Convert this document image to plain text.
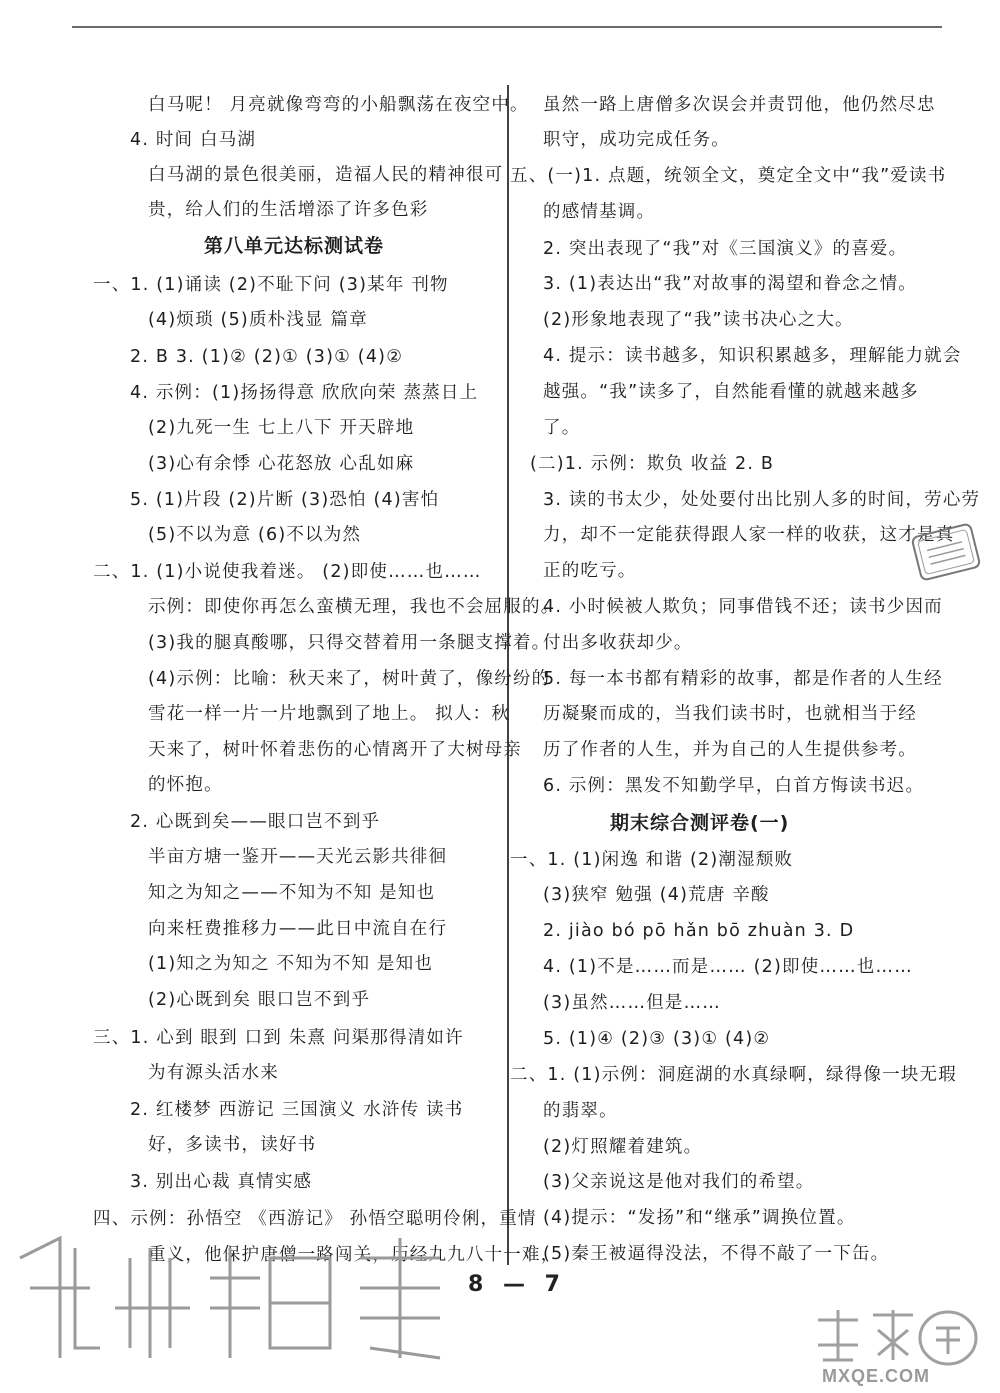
白马呢！ 月亮就像弯弯的小船飘荡在夜空中。
4. 时间 白马湖
白马湖的景色很美丽，造福人民的精神很可
贵，给人们的生活增添了许多色彩
第八单元达标测试卷
一、1. (1)诵读 (2)不耻下问 (3)某年 刊物
(4)烦琐 (5)质朴浅显 篇章
2. B 3. (1)② (2)① (3)① (4)②
4. 示例：(1)扬扬得意 欣欣向荣 蒸蒸日上
(2)九死一生 七上八下 开天辟地
(3)心有余悸 心花怒放 心乱如麻
5. (1)片段 (2)片断 (3)恐怕 (4)害怕
(5)不以为意 (6)不以为然
二、1. (1)小说使我着迷。 (2)即使……也……
示例：即使你再怎么蛮横无理，我也不会屈服的。
(3)我的腿真酸哪，只得交替着用一条腿支撑着。
(4)示例：比喻：秋天来了，树叶黄了，像纷纷的
雪花一样一片一片地飘到了地上。 拟人：秋
天来了，树叶怀着悲伤的心情离开了大树母亲
的怀抱。
2. 心既到矣——眼口岂不到乎
半亩方塘一鉴开——天光云影共徘徊
知之为知之——不知为不知 是知也
向来枉费推移力——此日中流自在行
(1)知之为知之 不知为不知 是知也
(2)心既到矣 眼口岂不到乎
三、1. 心到 眼到 口到 朱熹 问渠那得清如许
为有源头活水来
2. 红楼梦 西游记 三国演义 水浒传 读书
好，多读书，读好书
3. 别出心裁 真情实感
四、示例：孙悟空 《西游记》 孙悟空聪明伶俐，重情
重义，他保护唐僧一路闯关，历经九九八十一难，
虽然一路上唐僧多次误会并责罚他，他仍然尽忠
职守，成功完成任务。
五、(一)1. 点题，统领全文，奠定全文中“我”爱读书
的感情基调。
2. 突出表现了“我”对《三国演义》的喜爱。
3. (1)表达出“我”对故事的渴望和眷念之情。
(2)形象地表现了“我”读书决心之大。
4. 提示：读书越多，知识积累越多，理解能力就会
越强。“我”读多了，自然能看懂的就越来越多
了。
(二)1. 示例：欺负 收益 2. B
3. 读的书太少，处处要付出比别人多的时间，劳心劳
力，却不一定能获得跟人家一样的收获，这才是真
正的吃亏。
4. 小时候被人欺负；同事借钱不还；读书少因而
付出多收获却少。
5. 每一本书都有精彩的故事，都是作者的人生经
历凝聚而成的，当我们读书时，也就相当于经
历了作者的人生，并为自己的人生提供参考。
6. 示例：黑发不知勤学早，白首方悔读书迟。
期末综合测评卷(一)
一、1. (1)闲逸 和谐 (2)潮湿颓败
(3)狭窄 勉强 (4)荒唐 辛酸
2. jiào bó pō hǎn bō zhuàn 3. D
4. (1)不是……而是…… (2)即使……也……
(3)虽然……但是……
5. (1)④ (2)③ (3)① (4)②
二、1. (1)示例：洞庭湖的水真绿啊，绿得像一块无瑕
的翡翠。
(2)灯照耀着建筑。
(3)父亲说这是他对我们的希望。
(4)提示：“发扬”和“继承”调换位置。
(5)秦王被逼得没法，不得不敲了一下缶。
8 — 7
MXQE.COM
